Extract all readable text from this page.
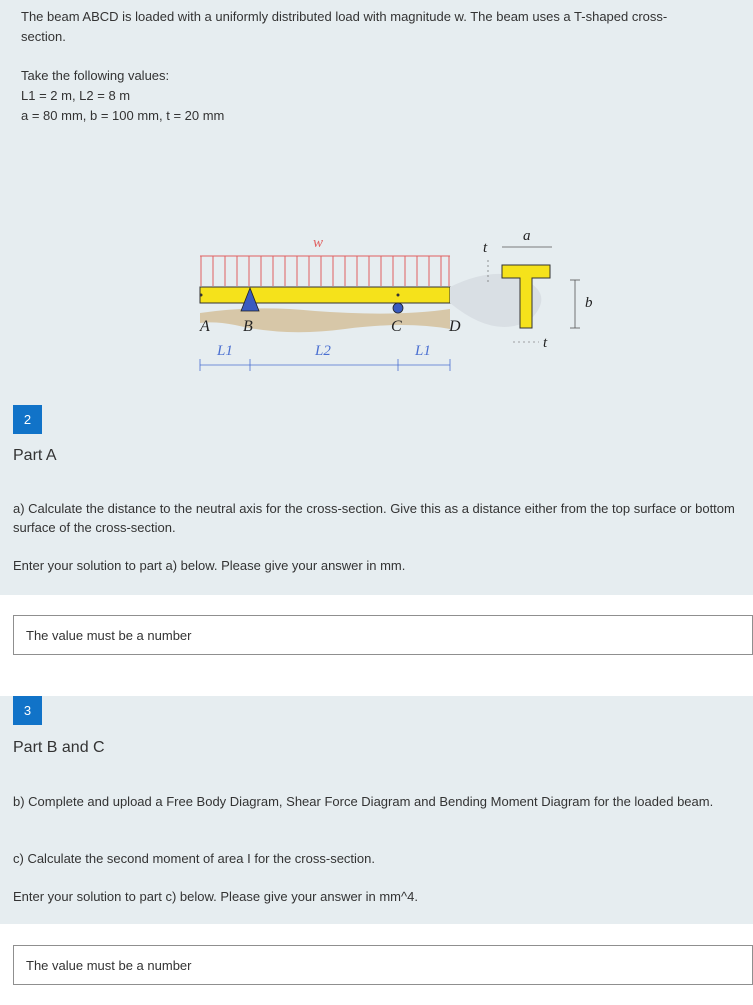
The beam ABCD is loaded with a uniformly distributed load with magnitude w. The beam uses a T-shaped cross-

section.

Take the following values:

L1 = 2 m, L2 = 8 m

a = 80 mm, b = 100 mm, t = 20 mm

w
A B	C	D
L1	L2	L1
a
b
t
t
2
Part A
a) Calculate the distance to the neutral axis for the cross-section. Give this as a distance either from the top surface or bottom surface of the cross-section.
Enter your solution to part a) below. Please give your answer in mm.
The value must be a number
3
Part B and C
b) Complete and upload a Free Body Diagram, Shear Force Diagram and Bending Moment Diagram for the loaded beam.
c) Calculate the second moment of area I for the cross-section.
Enter your solution to part c) below. Please give your answer in mm^4.
The value must be a number
